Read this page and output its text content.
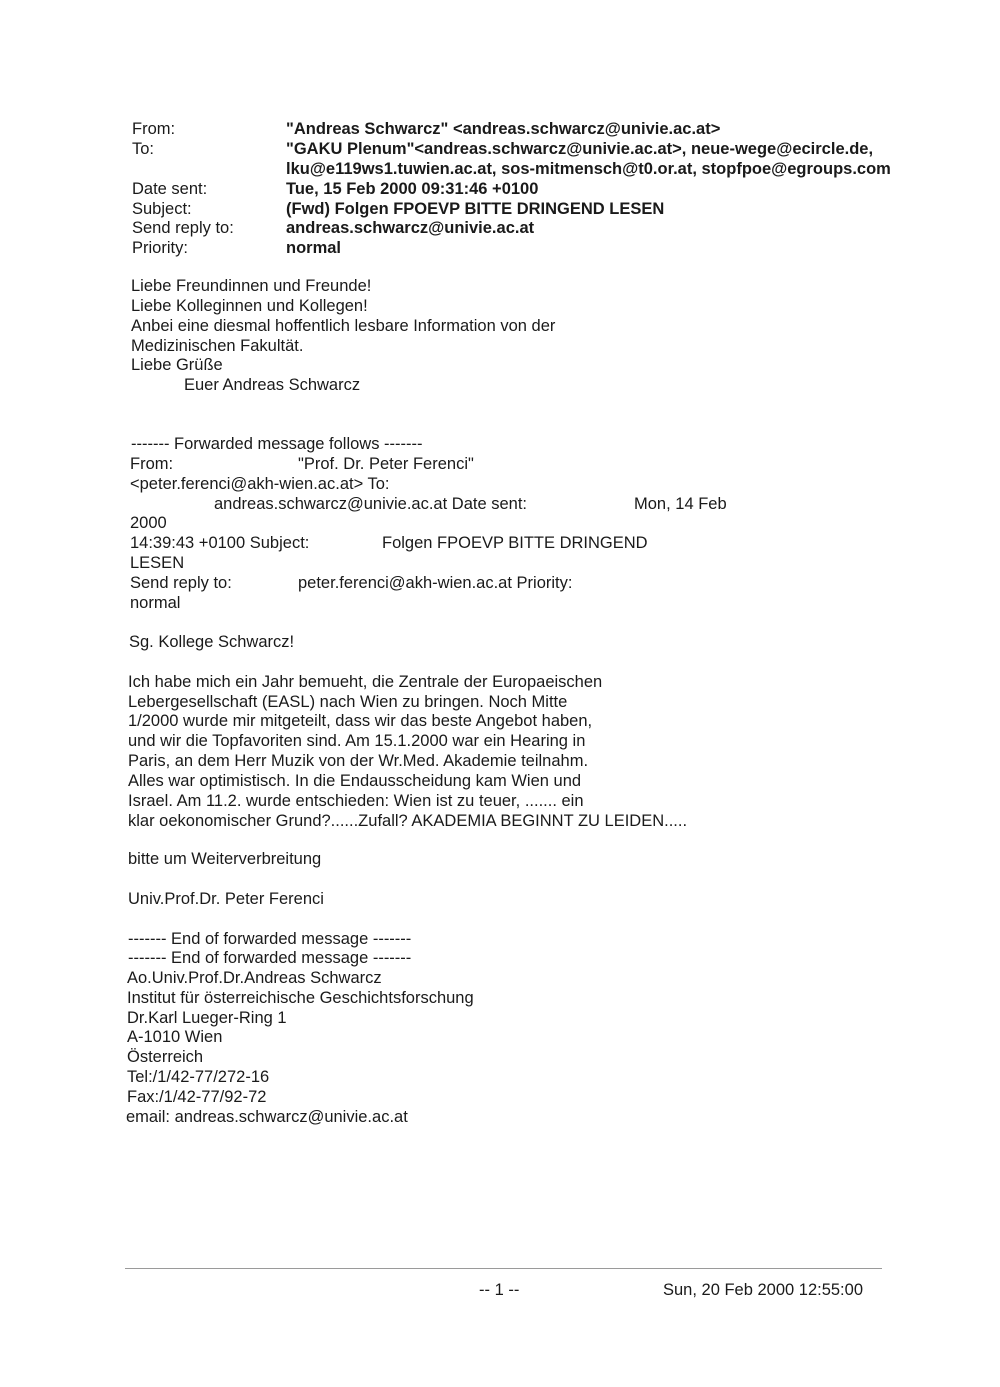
From:	"Andreas Schwarcz" <andreas.schwarcz@univie.ac.at>
To:	"GAKU Plenum"<andreas.schwarcz@univie.ac.at>, neue-wege@ecircle.de,
lku@e119ws1.tuwien.ac.at, sos-mitmensch@t0.or.at, stopfpoe@egroups.com
Date sent:	Tue, 15 Feb 2000 09:31:46 +0100
Subject:	(Fwd) Folgen FPOEVP BITTE DRINGEND LESEN
Send reply to:	andreas.schwarcz@univie.ac.at
Priority:	normal
Liebe Freundinnen und Freunde!
Liebe Kolleginnen und Kollegen!
Anbei eine diesmal hoffentlich lesbare Information von der
Medizinischen Fakultät.
Liebe Grüße
Euer Andreas Schwarcz
------- Forwarded message follows -------
From:	"Prof. Dr. Peter Ferenci"
<peter.ferenci@akh-wien.ac.at> To:
andreas.schwarcz@univie.ac.at Date sent:	Mon, 14 Feb
2000
14:39:43 +0100 Subject:	Folgen FPOEVP BITTE DRINGEND
LESEN
Send reply to:	peter.ferenci@akh-wien.ac.at Priority:
normal
Sg. Kollege Schwarcz!
Ich habe mich ein Jahr bemueht, die Zentrale der Europaeischen
Lebergesellschaft (EASL) nach Wien zu bringen. Noch Mitte
1/2000 wurde mir mitgeteilt, dass wir das beste Angebot haben,
und wir die Topfavoriten sind. Am 15.1.2000 war ein Hearing in
Paris, an dem Herr Muzik von der Wr.Med. Akademie teilnahm.
Alles war optimistisch. In die Endausscheidung kam Wien und
Israel. Am 11.2. wurde entschieden: Wien ist zu teuer, ....... ein
klar oekonomischer Grund?......Zufall? AKADEMIA BEGINNT ZU LEIDEN.....
bitte um Weiterverbreitung
Univ.Prof.Dr. Peter Ferenci
------- End of forwarded message -------
------- End of forwarded message -------
Ao.Univ.Prof.Dr.Andreas Schwarcz
Institut für österreichische Geschichtsforschung
Dr.Karl Lueger-Ring 1
A-1010 Wien
Österreich
Tel:/1/42-77/272-16
Fax:/1/42-77/92-72
email: andreas.schwarcz@univie.ac.at
-- 1 --	Sun, 20 Feb 2000 12:55:00
